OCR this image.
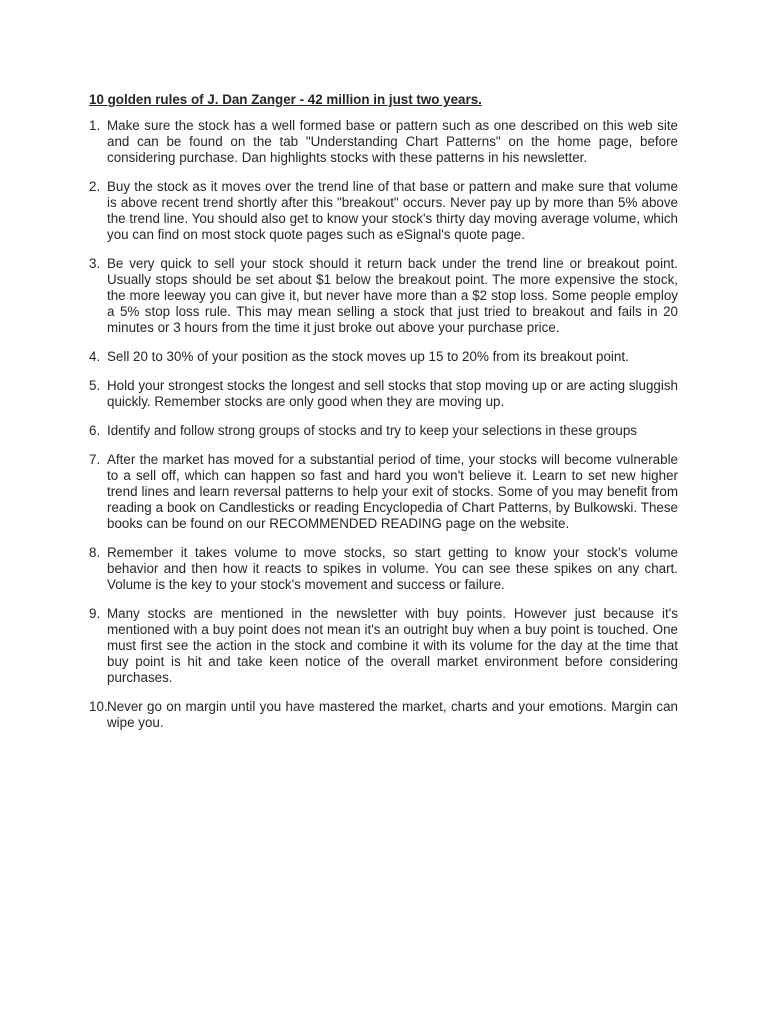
10 golden rules of J. Dan Zanger - 42 million in just two years.
1. Make sure the stock has a well formed base or pattern such as one described on this web site and can be found on the tab "Understanding Chart Patterns" on the home page, before considering purchase. Dan highlights stocks with these patterns in his newsletter.
2. Buy the stock as it moves over the trend line of that base or pattern and make sure that volume is above recent trend shortly after this "breakout" occurs. Never pay up by more than 5% above the trend line. You should also get to know your stock's thirty day moving average volume, which you can find on most stock quote pages such as eSignal's quote page.
3. Be very quick to sell your stock should it return back under the trend line or breakout point. Usually stops should be set about $1 below the breakout point. The more expensive the stock, the more leeway you can give it, but never have more than a $2 stop loss. Some people employ a 5% stop loss rule. This may mean selling a stock that just tried to breakout and fails in 20 minutes or 3 hours from the time it just broke out above your purchase price.
4. Sell 20 to 30% of your position as the stock moves up 15 to 20% from its breakout point.
5. Hold your strongest stocks the longest and sell stocks that stop moving up or are acting sluggish quickly. Remember stocks are only good when they are moving up.
6. Identify and follow strong groups of stocks and try to keep your selections in these groups
7. After the market has moved for a substantial period of time, your stocks will become vulnerable to a sell off, which can happen so fast and hard you won't believe it. Learn to set new higher trend lines and learn reversal patterns to help your exit of stocks. Some of you may benefit from reading a book on Candlesticks or reading Encyclopedia of Chart Patterns, by Bulkowski. These books can be found on our RECOMMENDED READING page on the website.
8. Remember it takes volume to move stocks, so start getting to know your stock's volume behavior and then how it reacts to spikes in volume. You can see these spikes on any chart. Volume is the key to your stock's movement and success or failure.
9. Many stocks are mentioned in the newsletter with buy points. However just because it's mentioned with a buy point does not mean it's an outright buy when a buy point is touched. One must first see the action in the stock and combine it with its volume for the day at the time that buy point is hit and take keen notice of the overall market environment before considering purchases.
10. Never go on margin until you have mastered the market, charts and your emotions. Margin can wipe you.
